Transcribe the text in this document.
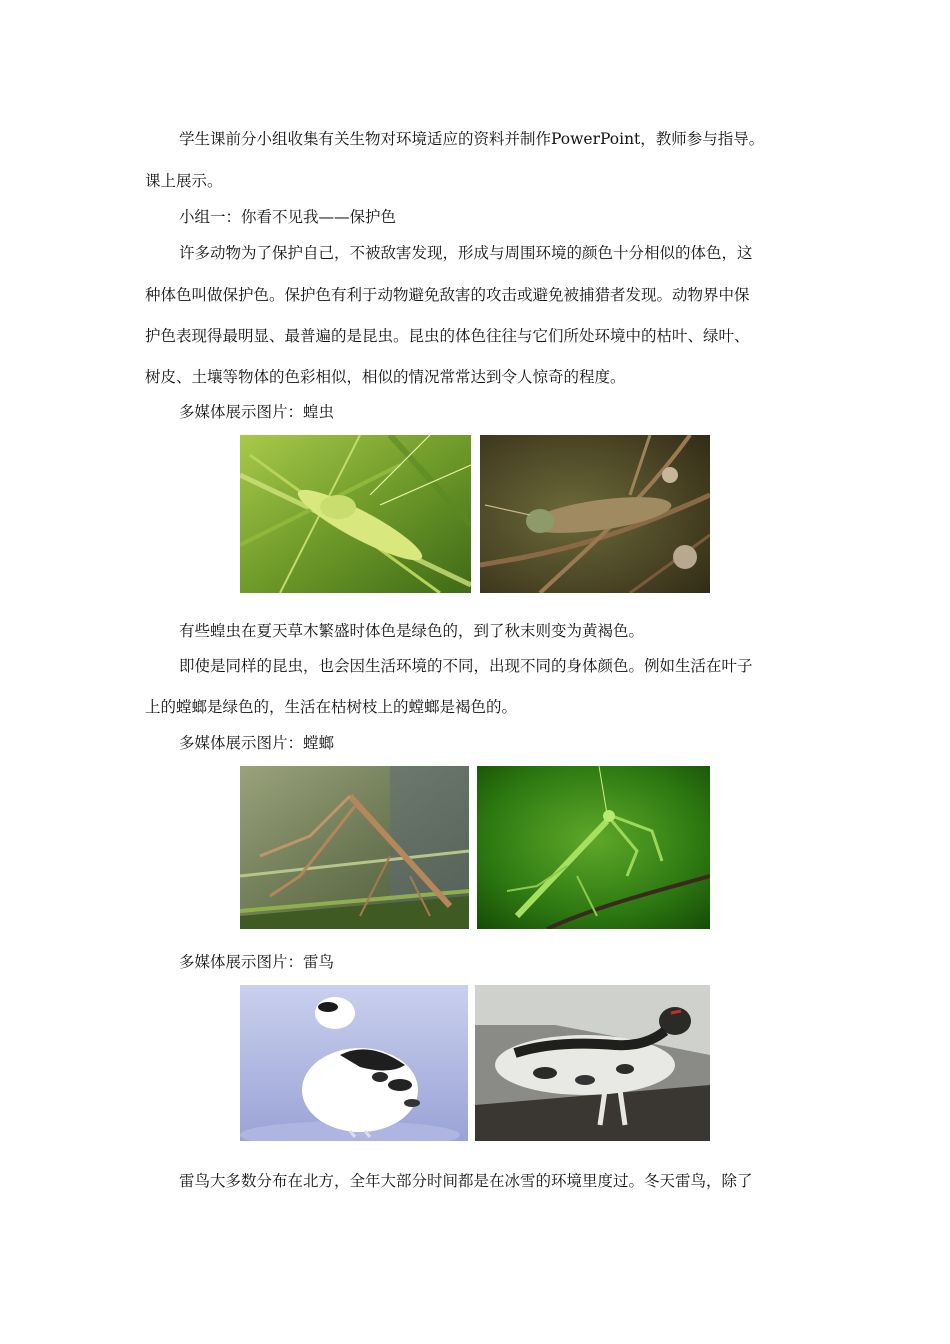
学生课前分小组收集有关生物对环境适应的资料并制作PowerPoint，教师参与指导。

课上展示。

小组一：你看不见我——保护色

许多动物为了保护自己，不被敌害发现，形成与周围环境的颜色十分相似的体色，这

种体色叫做保护色。保护色有利于动物避免敌害的攻击或避免被捕猎者发现。动物界中保

护色表现得最明显、最普遍的是昆虫。昆虫的体色往往与它们所处环境中的枯叶、绿叶、

树皮、土壤等物体的色彩相似，相似的情况常常达到令人惊奇的程度。

多媒体展示图片：蝗虫

有些蝗虫在夏天草木繁盛时体色是绿色的，到了秋末则变为黄褐色。

即使是同样的昆虫，也会因生活环境的不同，出现不同的身体颜色。例如生活在叶子

上的螳螂是绿色的，生活在枯树枝上的螳螂是褐色的。

多媒体展示图片：螳螂

多媒体展示图片：雷鸟

雷鸟大多数分布在北方，全年大部分时间都是在冰雪的环境里度过。冬天雷鸟，除了
